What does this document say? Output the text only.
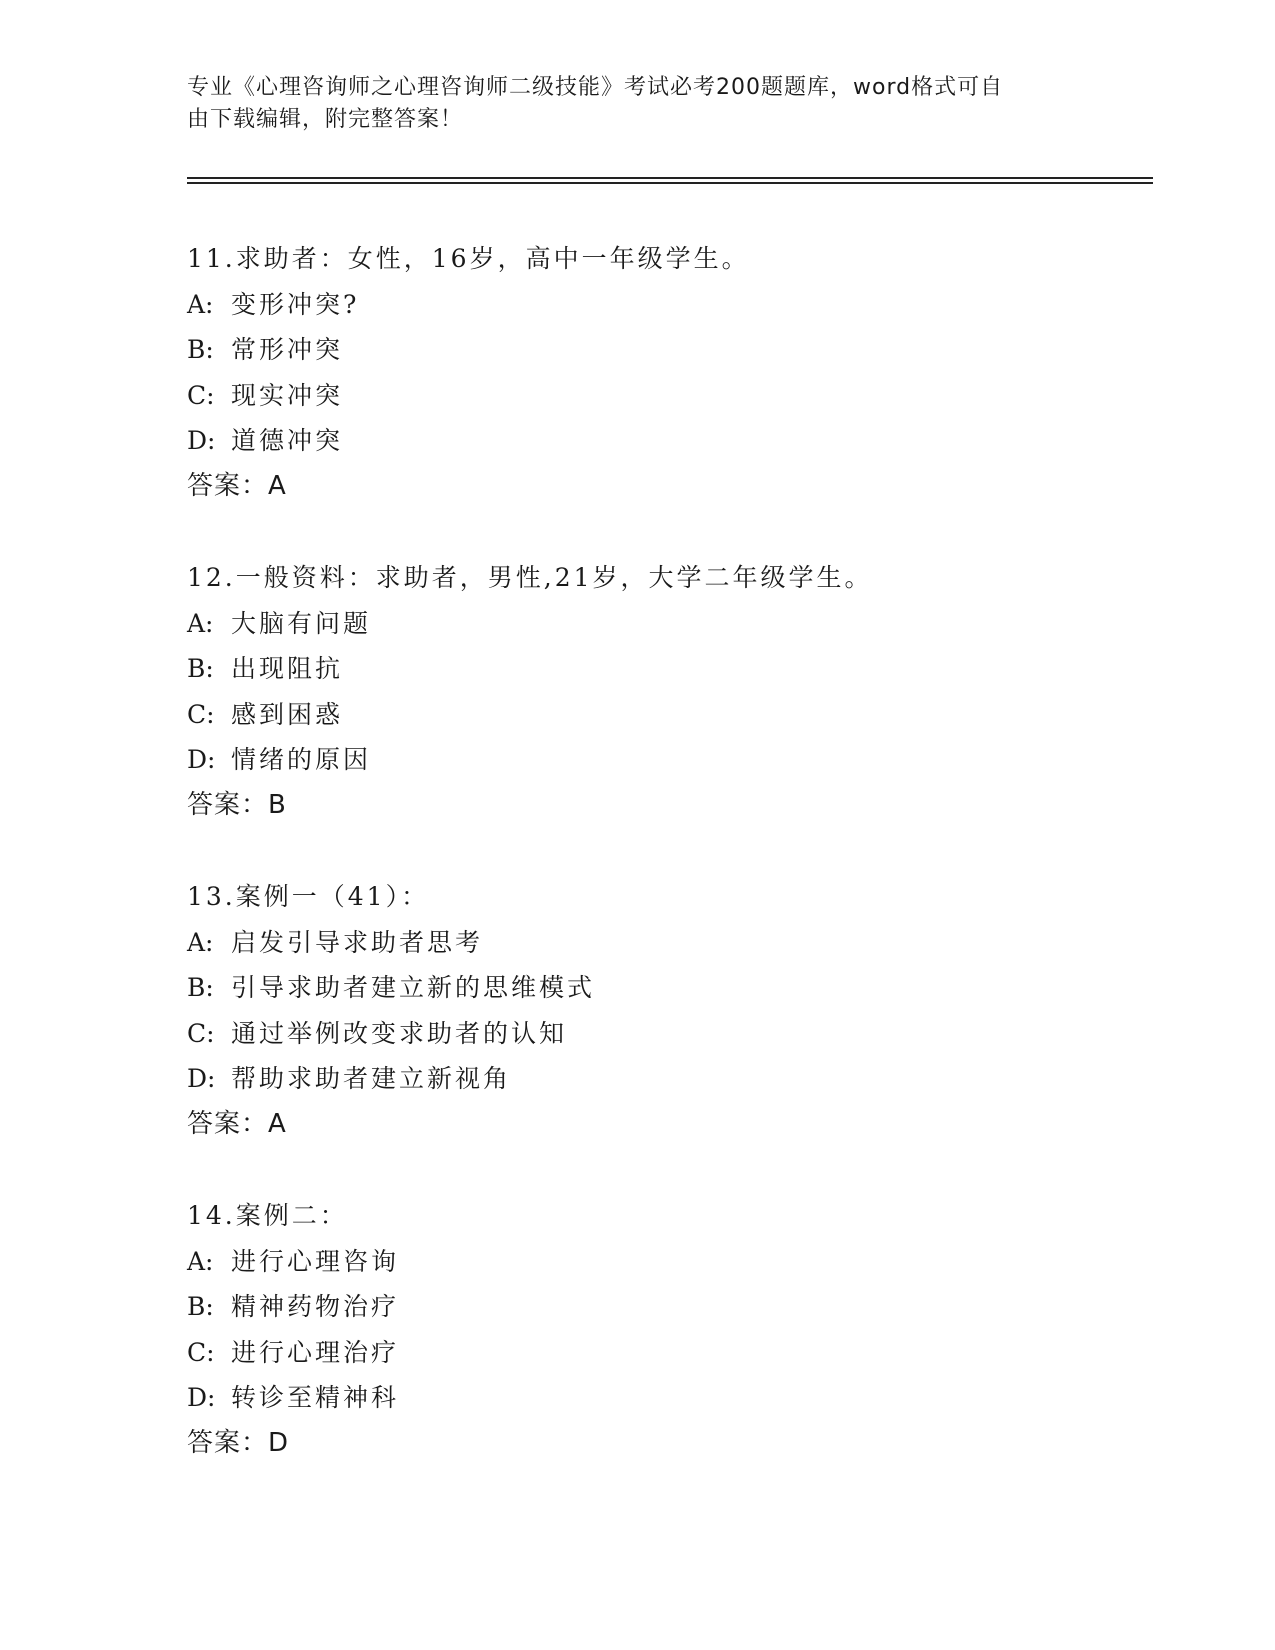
专业《心理咨询师之心理咨询师二级技能》考试必考200题题库，word格式可自
由下载编辑，附完整答案！
11.求助者：女性，16岁，高中一年级学生。
A: 变形冲突?
B: 常形冲突
C: 现实冲突
D: 道德冲突
答案：A
12.一般资料：求助者，男性,21岁，大学二年级学生。
A: 大脑有问题
B: 出现阻抗
C: 感到困惑
D: 情绪的原因
答案：B
13.案例一（41）：
A: 启发引导求助者思考
B: 引导求助者建立新的思维模式
C: 通过举例改变求助者的认知
D: 帮助求助者建立新视角
答案：A
14.案例二：
A: 进行心理咨询
B: 精神药物治疗
C: 进行心理治疗
D: 转诊至精神科
答案：D
